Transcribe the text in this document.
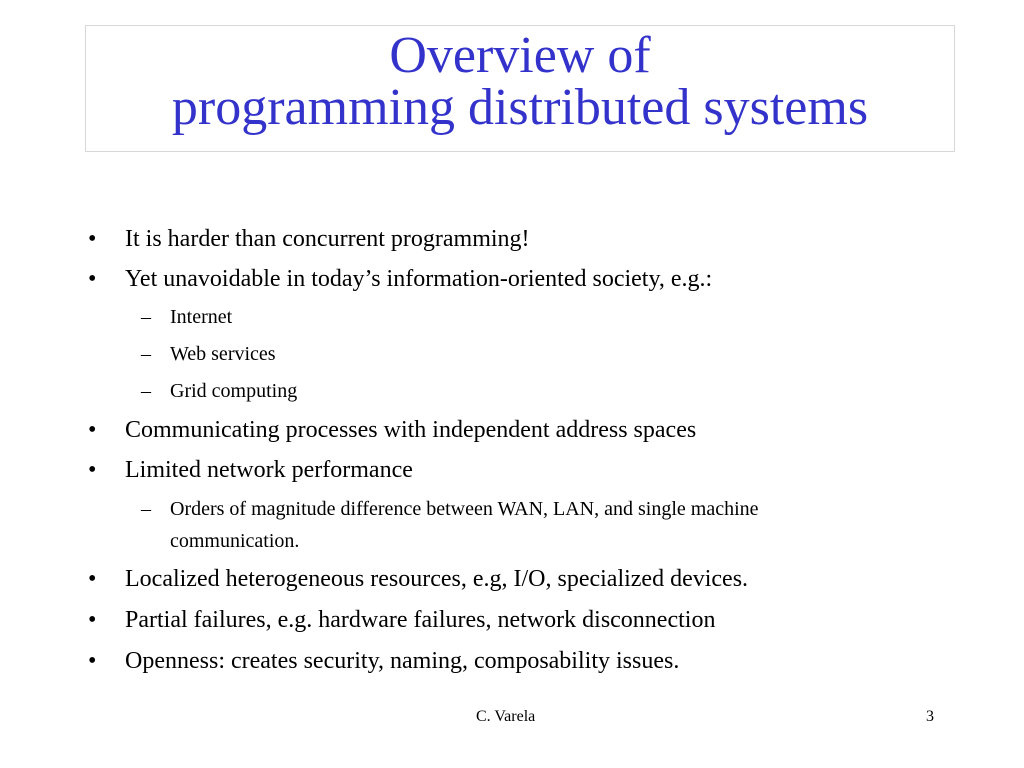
Overview of
programming distributed systems
• It is harder than concurrent programming!
• Yet unavoidable in today’s information-oriented society, e.g.:
– Internet
– Web services
– Grid computing
• Communicating processes with independent address spaces
• Limited network performance
– Orders of magnitude difference between WAN, LAN, and single machine
communication.
• Localized heterogeneous resources, e.g, I/O, specialized devices.
• Partial failures, e.g. hardware failures, network disconnection
• Openness: creates security, naming, composability issues.
C. Varela	3
